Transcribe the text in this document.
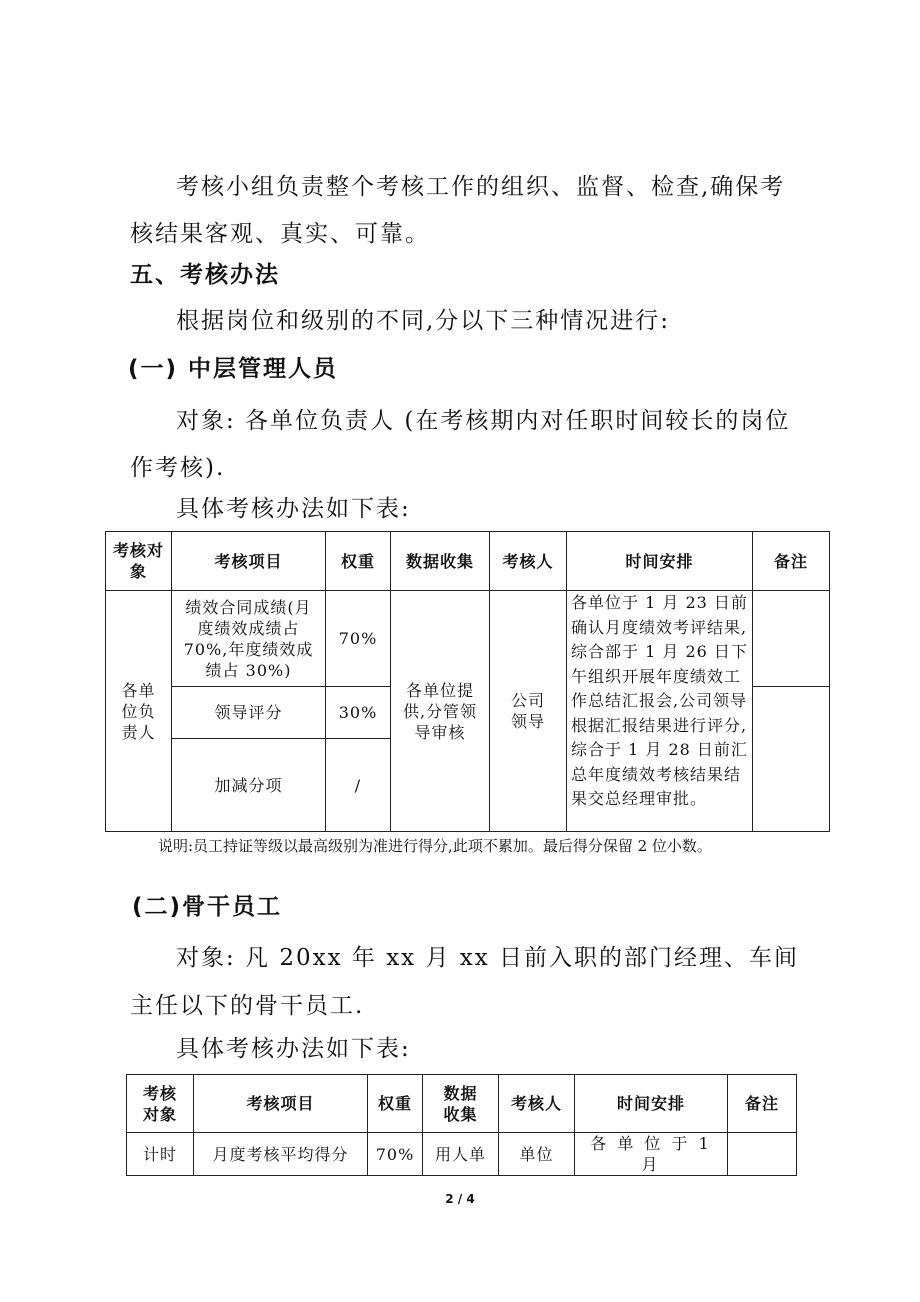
考核小组负责整个考核工作的组织、监督、检查,确保考核结果客观、真实、可靠。

五、考核办法

根据岗位和级别的不同,分以下三种情况进行:

(一) 中层管理人员

对象: 各单位负责人 (在考核期内对任职时间较长的岗位作考核).

具体考核办法如下表:

考核对象	考核项目	权重	数据收集	考核人	时间安排	备注
各单位负责人	绩效合同成绩(月度绩效成绩占 70%,年度绩效成绩占 30%)	70%	各单位提供,分管领导审核	公司领导	各单位于 1 月 23 日前确认月度绩效考评结果,综合部于 1 月 26 日下午组织开展年度绩效工作总结汇报会,公司领导根据汇报结果进行评分,综合于 1 月 28 日前汇总年度绩效考核结果结果交总经理审批。	
	领导评分	30%				
	加减分项	/				

说明:员工持证等级以最高级别为准进行得分,此项不累加。最后得分保留 2 位小数。

(二)骨干员工

对象: 凡 20xx 年 xx 月 xx 日前入职的部门经理、车间主任以下的骨干员工.

具体考核办法如下表:

考核对象	考核项目	权重	数据收集	考核人	时间安排	备注
计时	月度考核平均得分	70%	用人单	单位	各 单 位 于 1 月	
2 / 4
